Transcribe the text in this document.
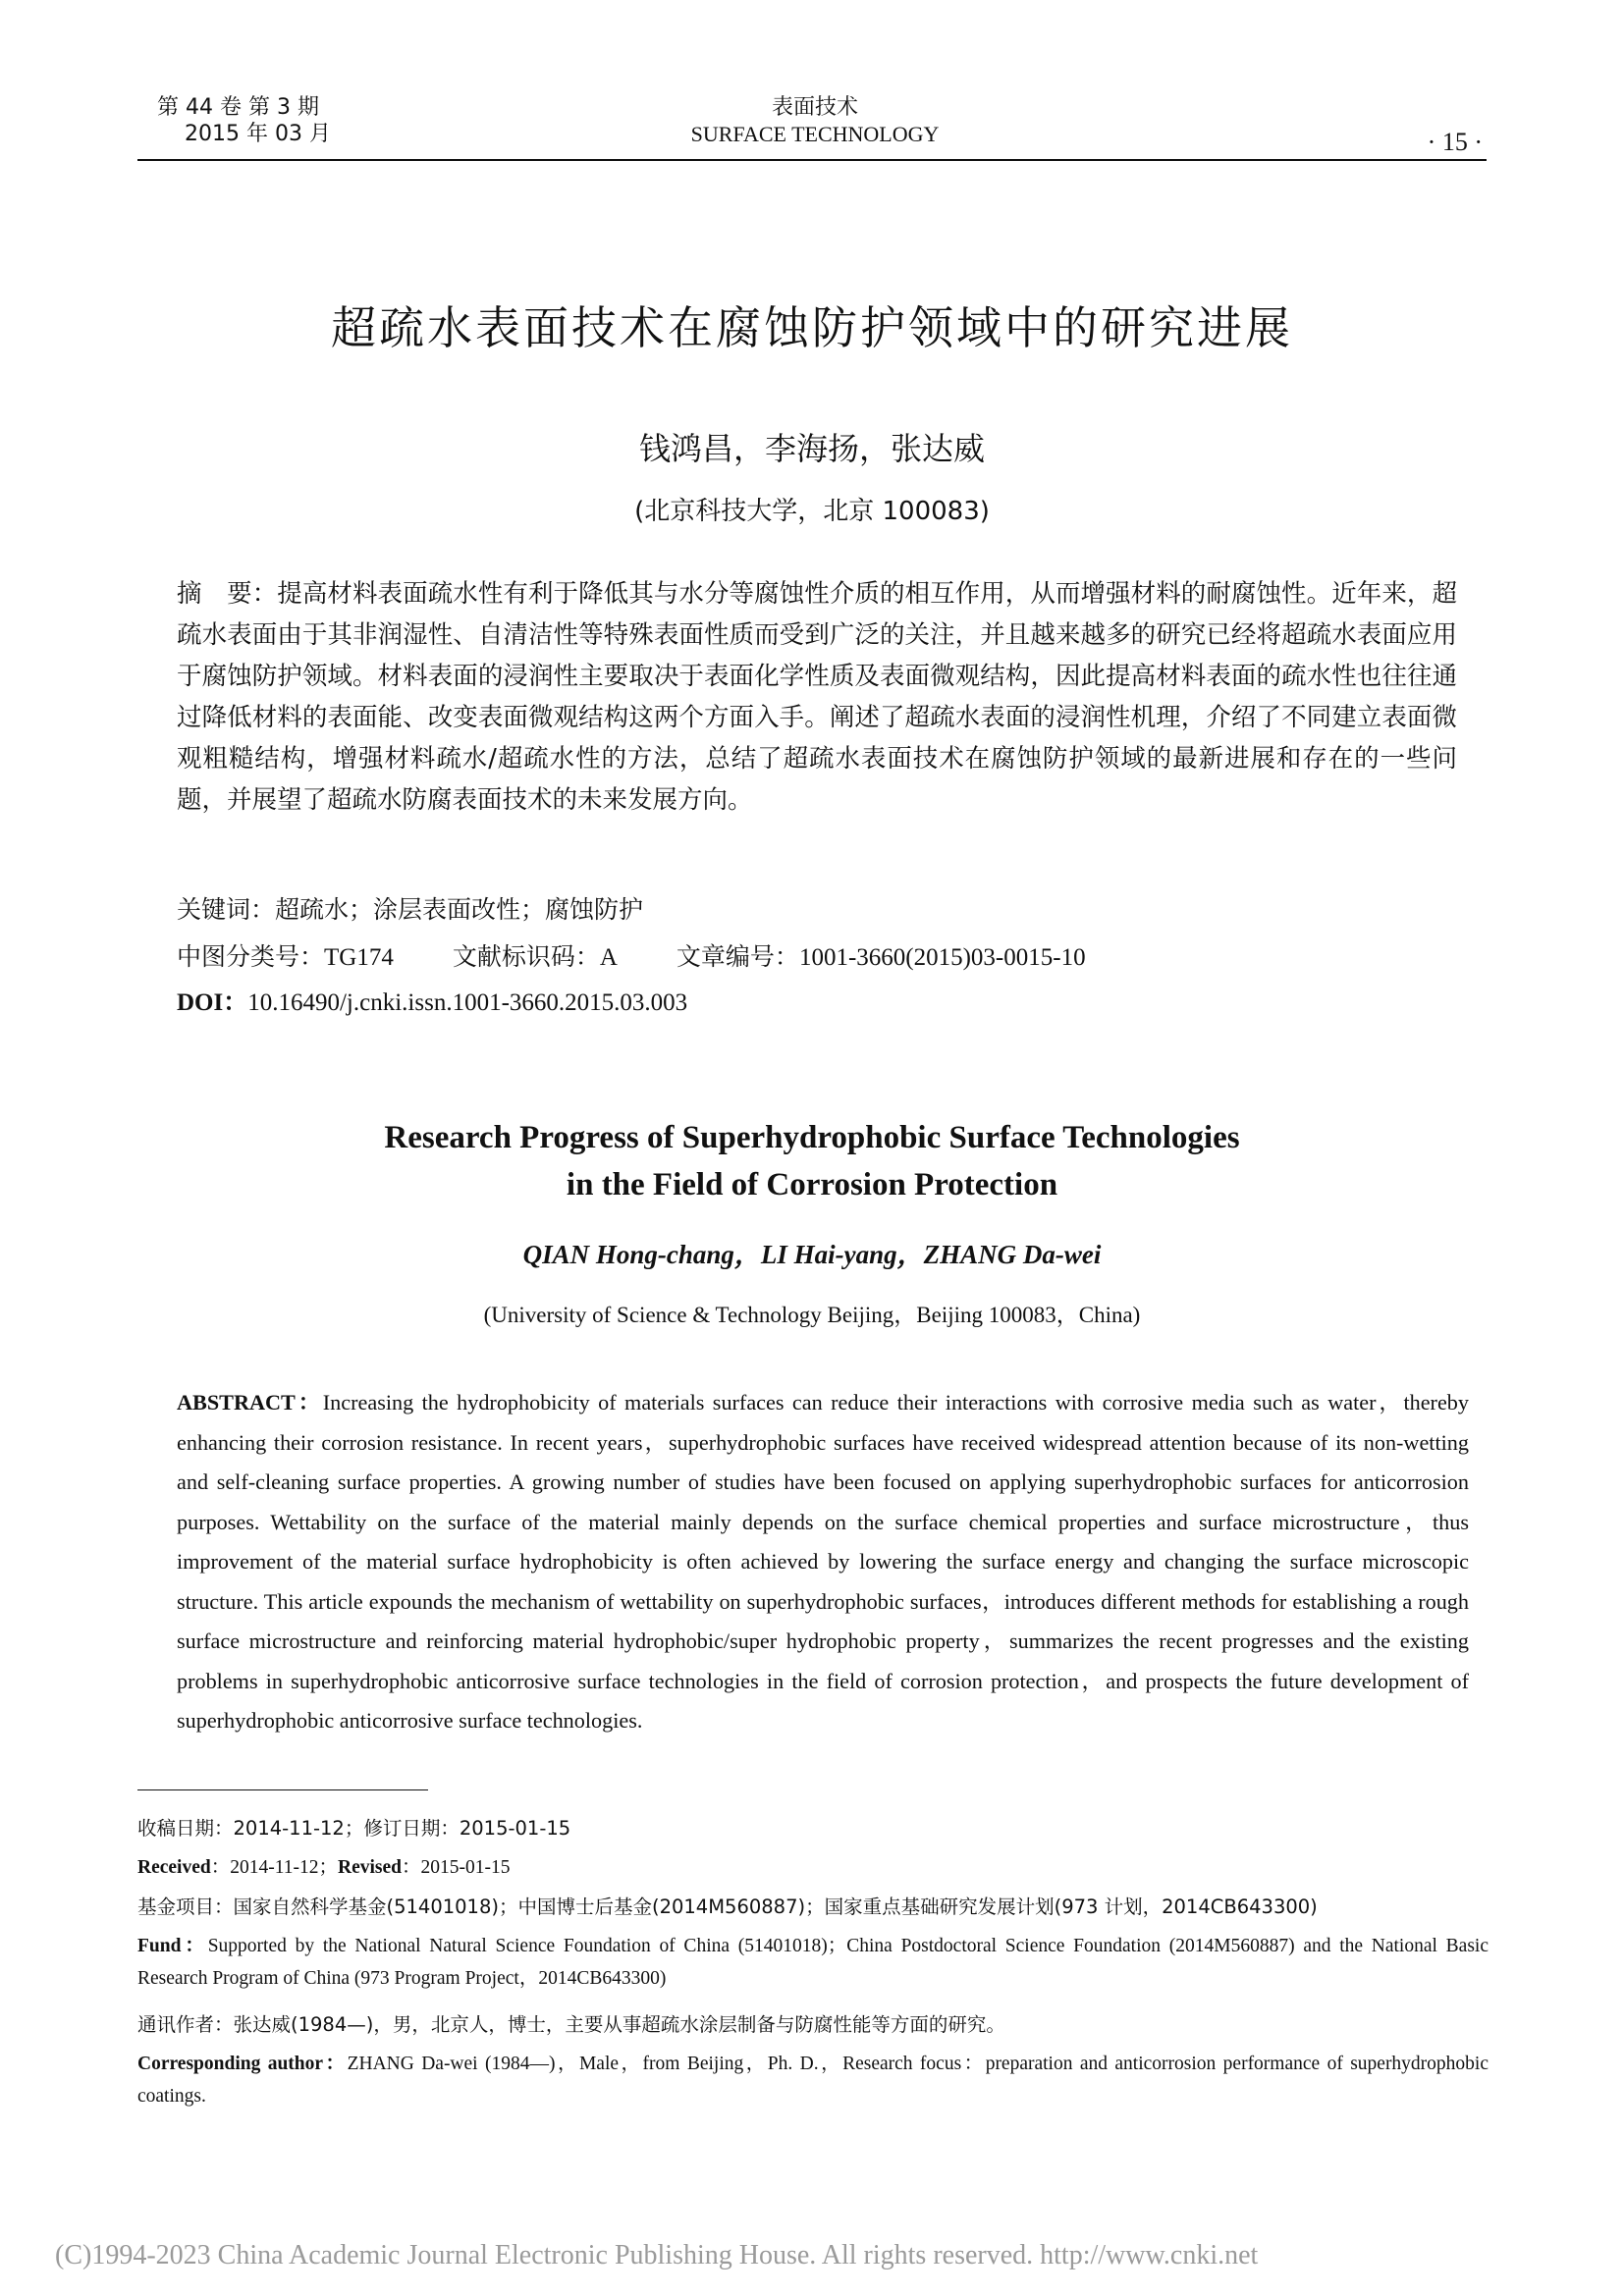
第 44 卷 第 3 期
2015 年 03 月
表面技术
SURFACE TECHNOLOGY	· 15 ·
超疏水表面技术在腐蚀防护领域中的研究进展
钱鸿昌，李海扬，张达威
(北京科技大学，北京 100083)
摘　要：提高材料表面疏水性有利于降低其与水分等腐蚀性介质的相互作用，从而增强材料的耐腐蚀性。近年来，超疏水表面由于其非润湿性、自清洁性等特殊表面性质而受到广泛的关注，并且越来越多的研究已经将超疏水表面应用于腐蚀防护领域。材料表面的浸润性主要取决于表面化学性质及表面微观结构，因此提高材料表面的疏水性也往往通过降低材料的表面能、改变表面微观结构这两个方面入手。阐述了超疏水表面的浸润性机理，介绍了不同建立表面微观粗糙结构，增强材料疏水/超疏水性的方法，总结了超疏水表面技术在腐蚀防护领域的最新进展和存在的一些问题，并展望了超疏水防腐表面技术的未来发展方向。
关键词：超疏水；涂层表面改性；腐蚀防护
中图分类号：TG174 文献标识码：A 文章编号：1001-3660(2015)03-0015-10
DOI：10.16490/j.cnki.issn.1001-3660.2015.03.003
Research Progress of Superhydrophobic Surface Technologies
in the Field of Corrosion Protection
QIAN Hong-chang，LI Hai-yang，ZHANG Da-wei
(University of Science & Technology Beijing，Beijing 100083，China)
ABSTRACT：Increasing the hydrophobicity of materials surfaces can reduce their interactions with corrosive media such as water，thereby enhancing their corrosion resistance. In recent years，superhydrophobic surfaces have received widespread attention because of its non-wetting and self-cleaning surface properties. A growing number of studies have been focused on applying superhydrophobic surfaces for anticorrosion purposes. Wettability on the surface of the material mainly depends on the surface chemical properties and surface microstructure，thus improvement of the material surface hydrophobicity is often achieved by lowering the surface energy and changing the surface microscopic structure. This article expounds the mechanism of wettability on superhydrophobic surfaces，introduces different methods for establishing a rough surface microstructure and reinforcing material hydrophobic/super hydrophobic property，summarizes the recent progresses and the existing problems in superhydrophobic anticorrosive surface technologies in the field of corrosion protection，and prospects the future development of superhydrophobic anticorrosive surface technologies.
收稿日期：2014-11-12；修订日期：2015-01-15
Received：2014-11-12；Revised：2015-01-15
基金项目：国家自然科学基金(51401018)；中国博士后基金(2014M560887)；国家重点基础研究发展计划(973 计划，2014CB643300)
Fund：Supported by the National Natural Science Foundation of China (51401018)；China Postdoctoral Science Foundation (2014M560887) and the National Basic Research Program of China (973 Program Project，2014CB643300)
通讯作者：张达威(1984—)，男，北京人，博士，主要从事超疏水涂层制备与防腐性能等方面的研究。
Corresponding author：ZHANG Da-wei (1984—)，Male，from Beijing，Ph. D.，Research focus：preparation and anticorrosion performance of superhydrophobic coatings.
(C)1994-2023 China Academic Journal Electronic Publishing House. All rights reserved. http://www.cnki.net
